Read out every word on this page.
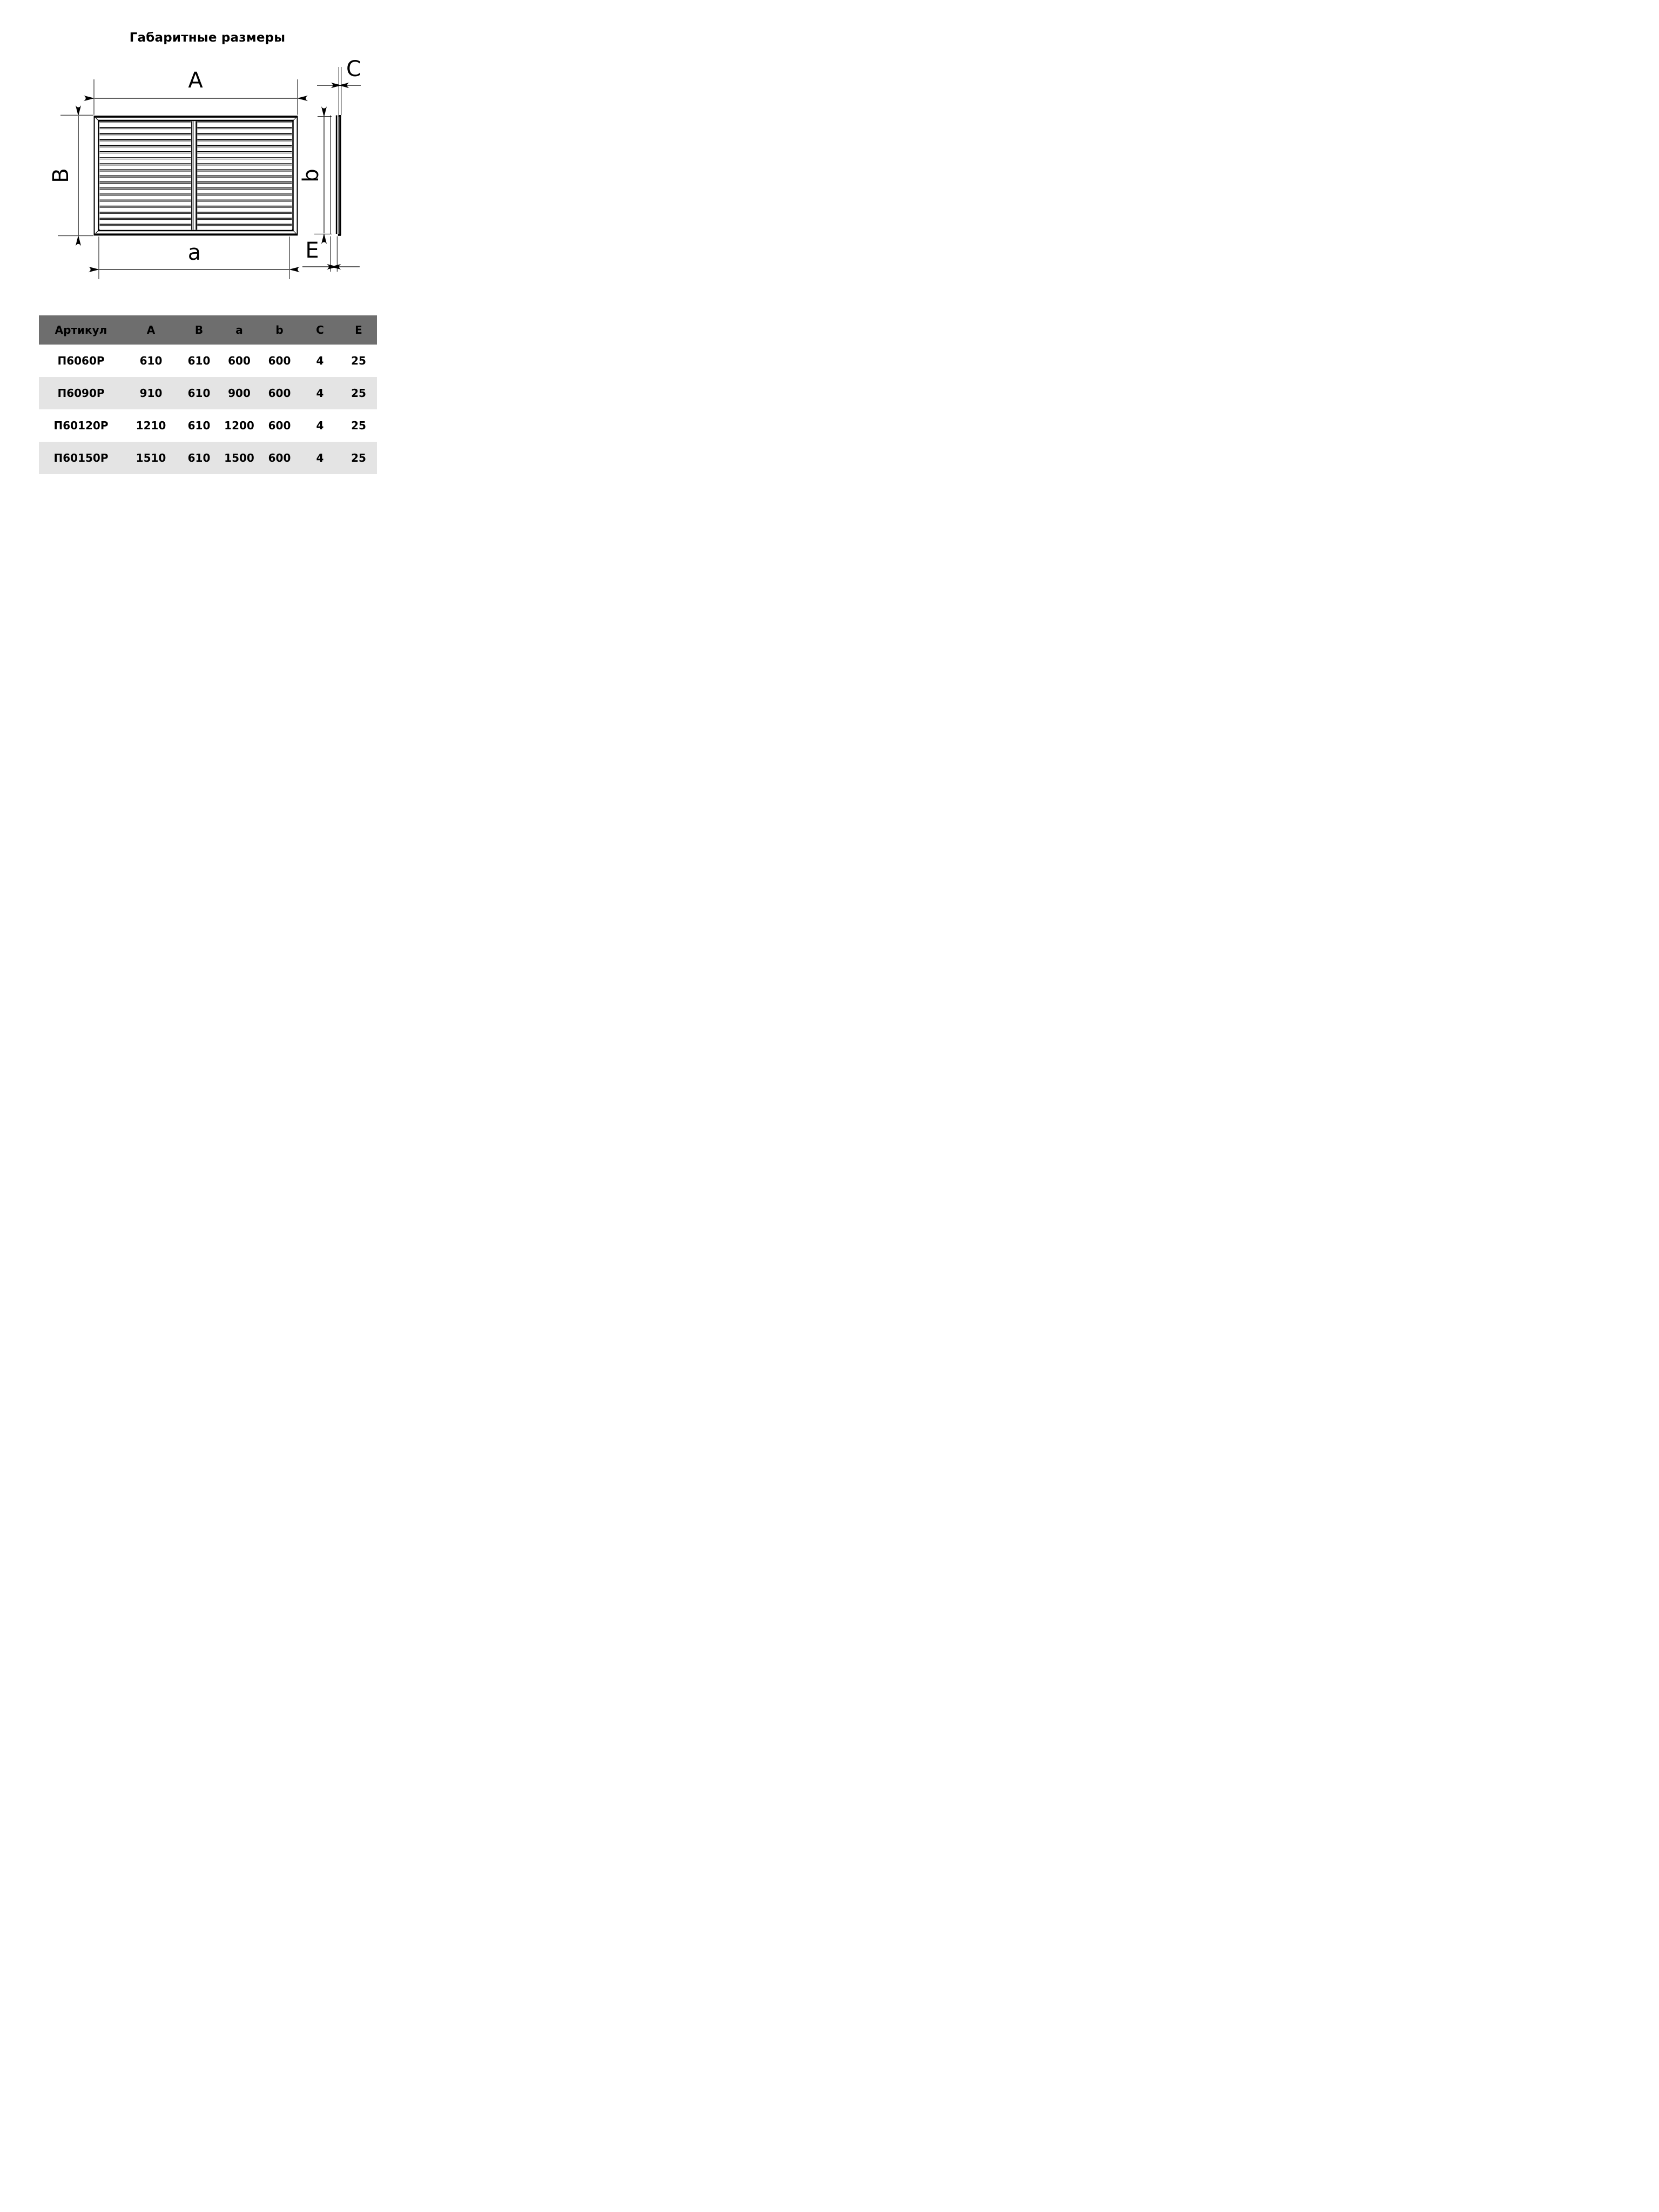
Габаритные размеры
A
B
a
b
C
E
Артикул	A	B	a	b	C	E
П6060Р	610	610	600	600	4	25
П6090Р	910	610	900	600	4	25
П60120Р	1210	610	1200	600	4	25
П60150Р	1510	610	1500	600	4	25
